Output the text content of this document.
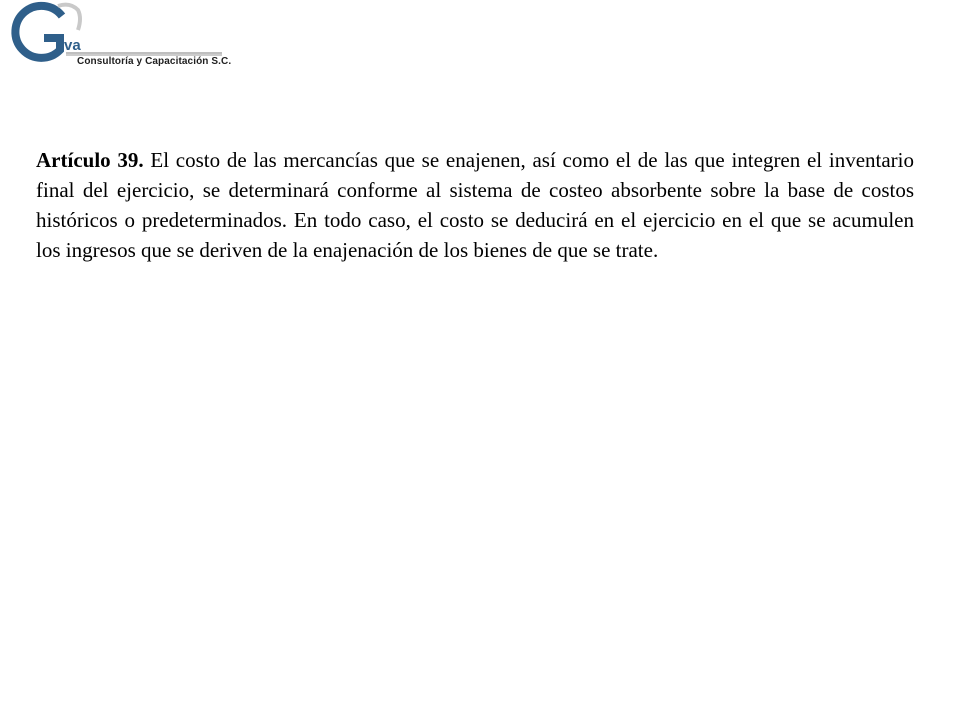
va
Consultoría y Capacitación S.C.

Artículo 39. El costo de las mercancías que se enajenen, así como el de las que integren el inventario final del ejercicio, se determinará conforme al sistema de costeo absorbente sobre la base de costos históricos o predeterminados. En todo caso, el costo se deducirá en el ejercicio en el que se acumulen los ingresos que se deriven de la enajenación de los bienes de que se trate.
